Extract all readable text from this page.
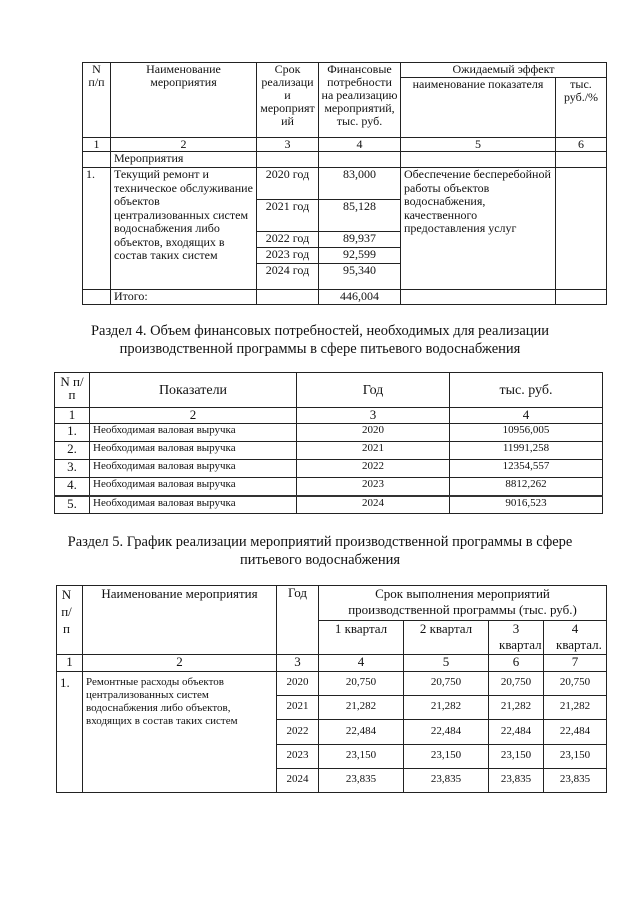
N п/п	Наименование мероприятия	Срок реализаци и мероприят ий	Финансовые потребности на реализацию мероприятий, тыс. руб.	Ожидаемый эффект	
				наименование показателя	тыс. руб./%
1	2	3	4	5	6
	Мероприятия				
1.	Текущий ремонт и техническое обслуживание объектов централизованных систем водоснабжения либо объектов, входящих в состав таких систем	2020 год	83,000	Обеспечение бесперебойной работы объектов водоснабжения, качественного предоставления услуг	
		2021 год	85,128		
		2022 год	89,937		
		2023 год	92,599		
		2024 год	95,340		
	Итого:		446,004		
Раздел 4. Объем финансовых потребностей, необходимых для реализации
производственной программы в сфере питьевого водоснабжения
N п/п	Показатели	Год	тыс. руб.
1	2	3	4
1.	Необходимая валовая выручка	2020	10956,005
2.	Необходимая валовая выручка	2021	11991,258
3.	Необходимая валовая выручка	2022	12354,557
4.	Необходимая валовая выручка	2023	8812,262
5.	Необходимая валовая выручка	2024	9016,523
Раздел 5. График реализации мероприятий производственной программы в сфере
питьевого водоснабжения
N п/ п	Наименование мероприятия	Год	Срок выполнения мероприятий производственной программы (тыс. руб.)			
			1 квартал	2 квартал	3 квартал	4 квартал.
1	2	3	4	5	6	7
1.	Ремонтные расходы объектов централизованных систем водоснабжения либо объектов, входящих в состав таких систем	2020	20,750	20,750	20,750	20,750
		2021	21,282	21,282	21,282	21,282
		2022	22,484	22,484	22,484	22,484
		2023	23,150	23,150	23,150	23,150
		2024	23,835	23,835	23,835	23,835
